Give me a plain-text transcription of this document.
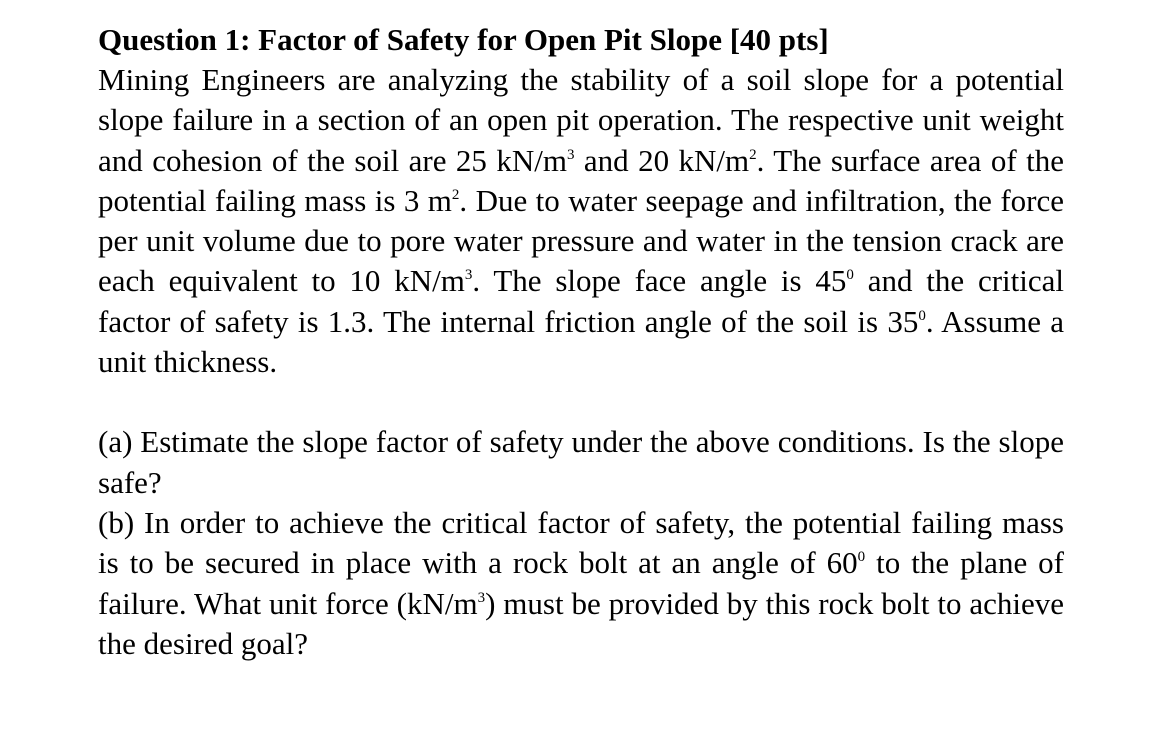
Question 1: Factor of Safety for Open Pit Slope [40 pts]

Mining Engineers are analyzing the stability of a soil slope for a potential slope failure in a section of an open pit operation. The respective unit weight and cohesion of the soil are 25 $kN/m^3$ and 20 $kN/m^2$. The surface area of the potential failing mass is 3 $m^2$. Due to water seepage and infiltration, the force per unit volume due to pore water pressure and water in the tension crack are each equivalent to 10 $kN/m^3$. The slope face angle is $45^0$ and the critical factor of safety is 1.3. The internal friction angle of the soil is $35^0$. Assume a unit thickness.

(a) Estimate the slope factor of safety under the above conditions. Is the slope safe?

(b) In order to achieve the critical factor of safety, the potential failing mass is to be secured in place with a rock bolt at an angle of $60^0$ to the plane of failure. What unit force $(kN/m^3)$ must be provided by this rock bolt to achieve the desired goal?
